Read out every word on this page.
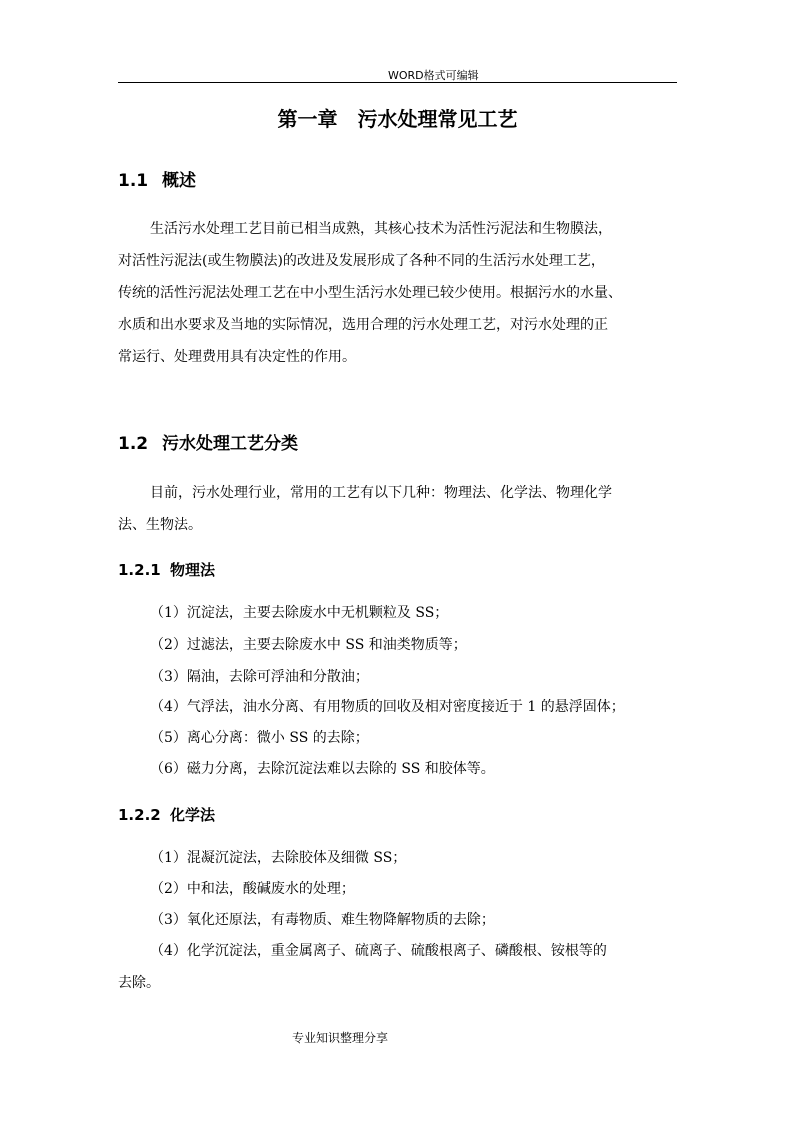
WORD格式可编辑
第一章　污水处理常见工艺
1.1 概述
生活污水处理工艺目前已相当成熟，其核心技术为活性污泥法和生物膜法，
对活性污泥法(或生物膜法)的改进及发展形成了各种不同的生活污水处理工艺，
传统的活性污泥法处理工艺在中小型生活污水处理已较少使用。根据污水的水量、
水质和出水要求及当地的实际情况，选用合理的污水处理工艺，对污水处理的正
常运行、处理费用具有决定性的作用。
1.2 污水处理工艺分类
目前，污水处理行业，常用的工艺有以下几种：物理法、化学法、物理化学
法、生物法。
1.2.1 物理法
（1）沉淀法，主要去除废水中无机颗粒及 SS；
（2）过滤法，主要去除废水中 SS 和油类物质等；
（3）隔油，去除可浮油和分散油；
（4）气浮法，油水分离、有用物质的回收及相对密度接近于 1 的悬浮固体；
（5）离心分离：微小 SS 的去除；
（6）磁力分离，去除沉淀法难以去除的 SS 和胶体等。
1.2.2 化学法
（1）混凝沉淀法，去除胶体及细微 SS；
（2）中和法，酸碱废水的处理；
（3）氧化还原法，有毒物质、难生物降解物质的去除；
（4）化学沉淀法，重金属离子、硫离子、硫酸根离子、磷酸根、铵根等的
去除。
专业知识整理分享
